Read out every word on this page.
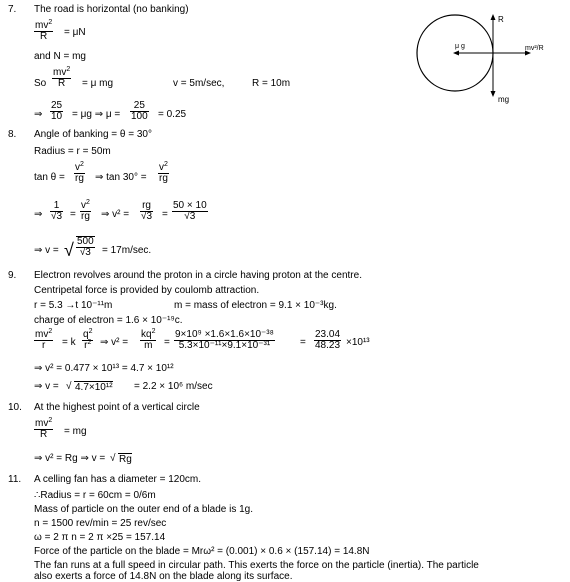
7. The road is horizontal (no banking)
$mv^2$
R	= μN
and N = mg
So
$mv^2$
R	= μ mg	v = 5m/sec,	R = 10m
⇒
25
10 = μg ⇒ μ =
25
100 = 0.25
R
μ g	mv²/R
mg
8. Angle of banking = θ = 30°
Radius = r = 50m
tan θ =
$v^2$
rg ⇒ tan 30° =
$v^2$
rg
⇒
1
√3 =
$v^2$
rg ⇒ v² =
rg
√3 =
50 × 10
√3
⇒ v = √ 500
√3	= 17m/sec.
9. Electron revolves around the proton in a circle having proton at the centre.
Centripetal force is provided by coulomb attraction.
r = 5.3 →t 10⁻¹¹m	m = mass of electron = 9.1 × 10⁻³kg.
charge of electron = 1.6 × 10⁻¹⁹c.
$mv^2$
r	= k
$q^2$
$r^2$ ⇒ v² =
$kq^2$
m	=
9×10⁹ ×1.6×1.6×10⁻³⁸
5.3×10⁻¹¹×9.1×10⁻³¹	=
23.04
48.23 ×10¹³
⇒ v² = 0.477 × 10¹³ = 4.7 × 10¹²
⇒ v = √ 4.7×10¹² = 2.2 × 10⁶ m/sec
10. At the highest point of a vertical circle
$mv^2$
R	= mg
⇒ v² = Rg ⇒ v = √ Rg
11. A celling fan has a diameter = 120cm.
∴Radius = r = 60cm = 0/6m
Mass of particle on the outer end of a blade is 1g.
n = 1500 rev/min = 25 rev/sec
ω = 2 π n = 2 π ×25 = 157.14
Force of the particle on the blade = Mrω² = (0.001) × 0.6 × (157.14) = 14.8N
The fan runs at a full speed in circular path. This exerts the force on the particle (inertia). The particle
also exerts a force of 14.8N on the blade along its surface.
